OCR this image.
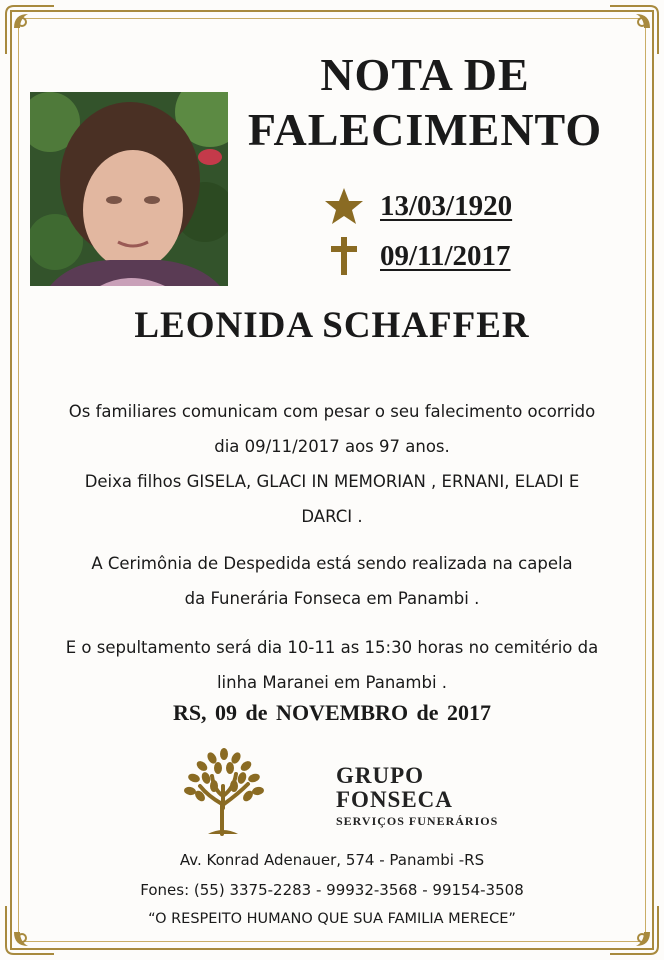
NOTA DE
FALECIMENTO
13/03/1920
09/11/2017
LEONIDA SCHAFFER
Os familiares comunicam com pesar o seu falecimento ocorrido
dia 09/11/2017 aos 97 anos.
Deixa filhos GISELA, GLACI IN MEMORIAN , ERNANI, ELADI E
DARCI .
A Cerimônia de Despedida está sendo realizada na capela
da Funerária Fonseca em Panambi .
E o sepultamento será dia 10-11 as 15:30 horas no cemitério da
linha Maranei em Panambi .
RS, 09 de NOVEMBRO de 2017
GRUPO
FONSECA
SERVIÇOS FUNERÁRIOS
Av. Konrad Adenauer, 574 - Panambi -RS
Fones: (55) 3375-2283 - 99932-3568 - 99154-3508
“O RESPEITO HUMANO QUE SUA FAMILIA MERECE”
